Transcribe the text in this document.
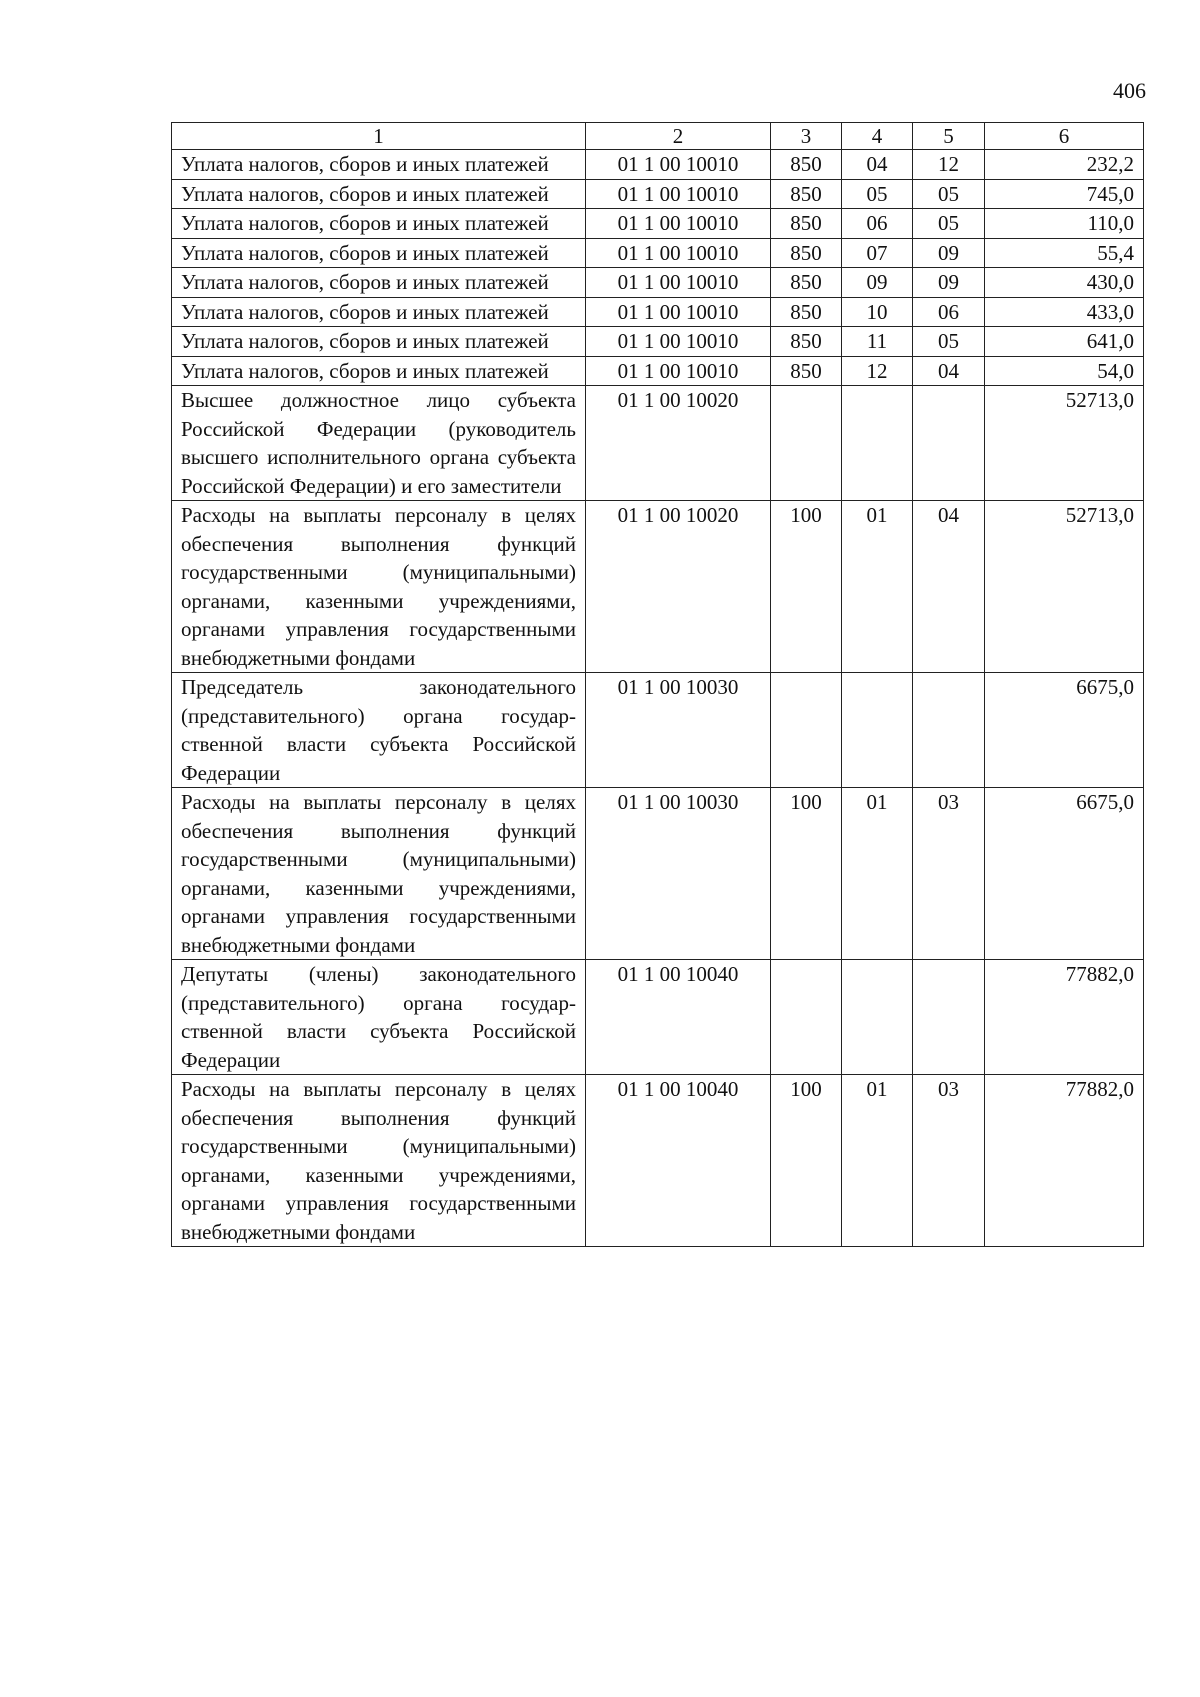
406
1	2	3	4	5	6
Уплата налогов, сборов и иных платежей	01 1 00 10010	850	04	12	232,2
Уплата налогов, сборов и иных платежей	01 1 00 10010	850	05	05	745,0
Уплата налогов, сборов и иных платежей	01 1 00 10010	850	06	05	110,0
Уплата налогов, сборов и иных платежей	01 1 00 10010	850	07	09	55,4
Уплата налогов, сборов и иных платежей	01 1 00 10010	850	09	09	430,0
Уплата налогов, сборов и иных платежей	01 1 00 10010	850	10	06	433,0
Уплата налогов, сборов и иных платежей	01 1 00 10010	850	11	05	641,0
Уплата налогов, сборов и иных платежей	01 1 00 10010	850	12	04	54,0
Высшее должностное лицо субъекта Российской Федерации (руководитель высшего исполнительного органа субъекта Российской Федерации) и его заместители	01 1 00 10020				52713,0
Расходы на выплаты персоналу в целях обеспечения выполнения функций государственными (муниципальными) органами, казенными учреждениями, органами управления государственными внебюджетными фондами	01 1 00 10020	100	01	04	52713,0
Председатель законодательного (представительного) органа государственной власти субъекта Российской Федерации	01 1 00 10030				6675,0
Расходы на выплаты персоналу в целях обеспечения выполнения функций государственными (муниципальными) органами, казенными учреждениями, органами управления государственными внебюджетными фондами	01 1 00 10030	100	01	03	6675,0
Депутаты (члены) законодательного (представительного) органа государственной власти субъекта Российской Федерации	01 1 00 10040				77882,0
Расходы на выплаты персоналу в целях обеспечения выполнения функций государственными (муниципальными) органами, казенными учреждениями, органами управления государственными внебюджетными фондами	01 1 00 10040	100	01	03	77882,0
